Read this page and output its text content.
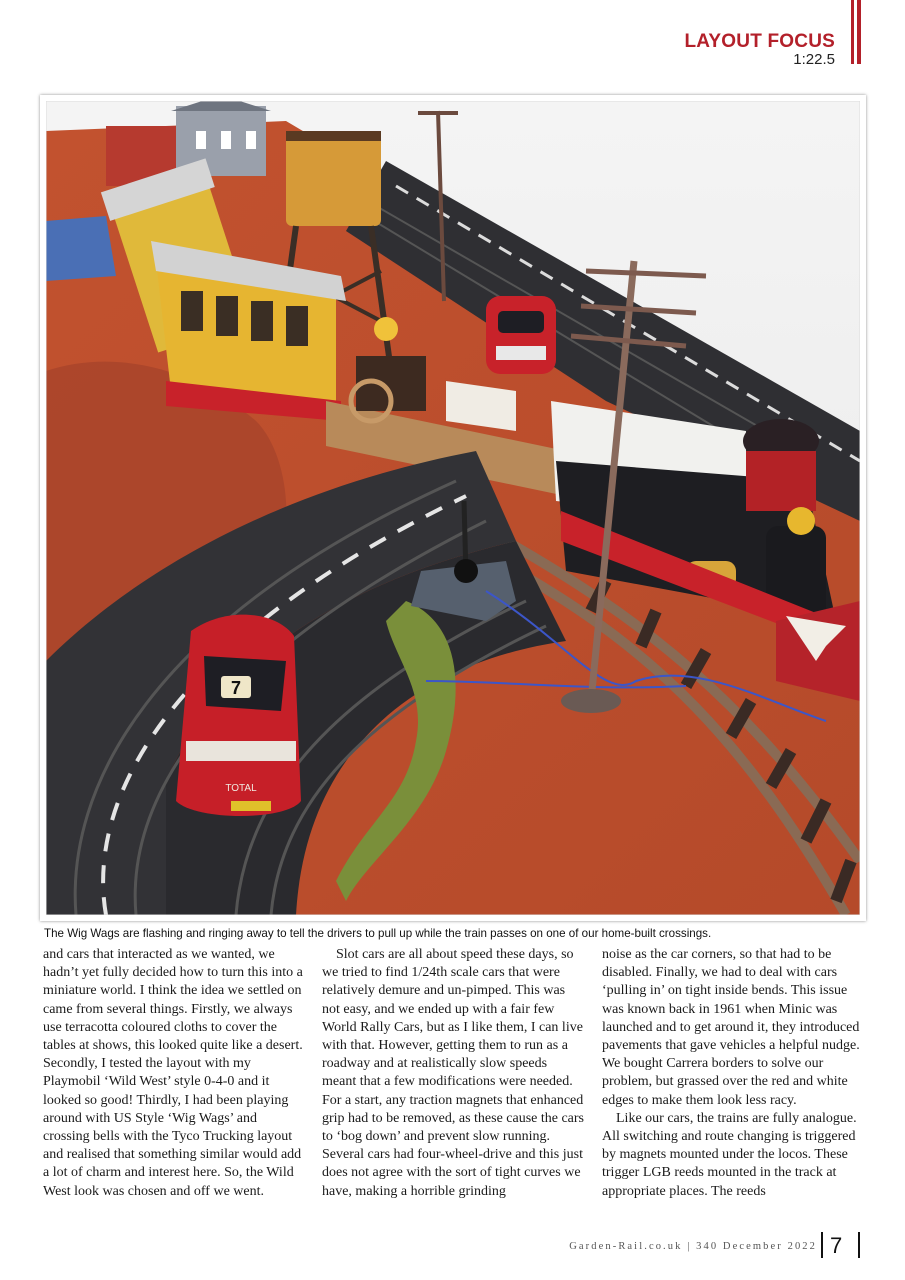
LAYOUT FOCUS
1:22.5
7
TOTAL
The Wig Wags are flashing and ringing away to tell the drivers to pull up while the train passes on one of our home-built crossings.

and cars that interacted as we wanted, we hadn’t yet fully decided how to turn this into a miniature world. I think the idea we settled on came from several things. Firstly, we always use terracotta coloured cloths to cover the tables at shows, this looked quite like a desert. Secondly, I tested the layout with my Playmobil ‘Wild West’ style 0-4-0 and it looked so good! Thirdly, I had been playing around with US Style ‘Wig Wags’ and crossing bells with the Tyco Trucking layout and realised that something similar would add a lot of charm and interest here. So, the Wild West look was chosen and off we went.

Slot cars are all about speed these days, so we tried to find 1/24th scale cars that were relatively demure and un-pimped. This was not easy, and we ended up with a fair few World Rally Cars, but as I like them, I can live with that. However, getting them to run as a roadway and at realistically slow speeds meant that a few modifications were needed. For a start, any traction magnets that enhanced grip had to be removed, as these cause the cars to ‘bog down’ and prevent slow running. Several cars had four-wheel-drive and this just does not agree with the sort of tight curves we have, making a horrible grinding

noise as the car corners, so that had to be disabled. Finally, we had to deal with cars ‘pulling in’ on tight inside bends. This issue was known back in 1961 when Minic was launched and to get around it, they introduced pavements that gave vehicles a helpful nudge. We bought Carrera borders to solve our problem, but grassed over the red and white edges to make them look less racy.

Like our cars, the trains are fully analogue. All switching and route changing is triggered by magnets mounted under the locos. These trigger LGB reeds mounted in the track at appropriate places. The reeds

Garden-Rail.co.uk | 340 December 2022 7
